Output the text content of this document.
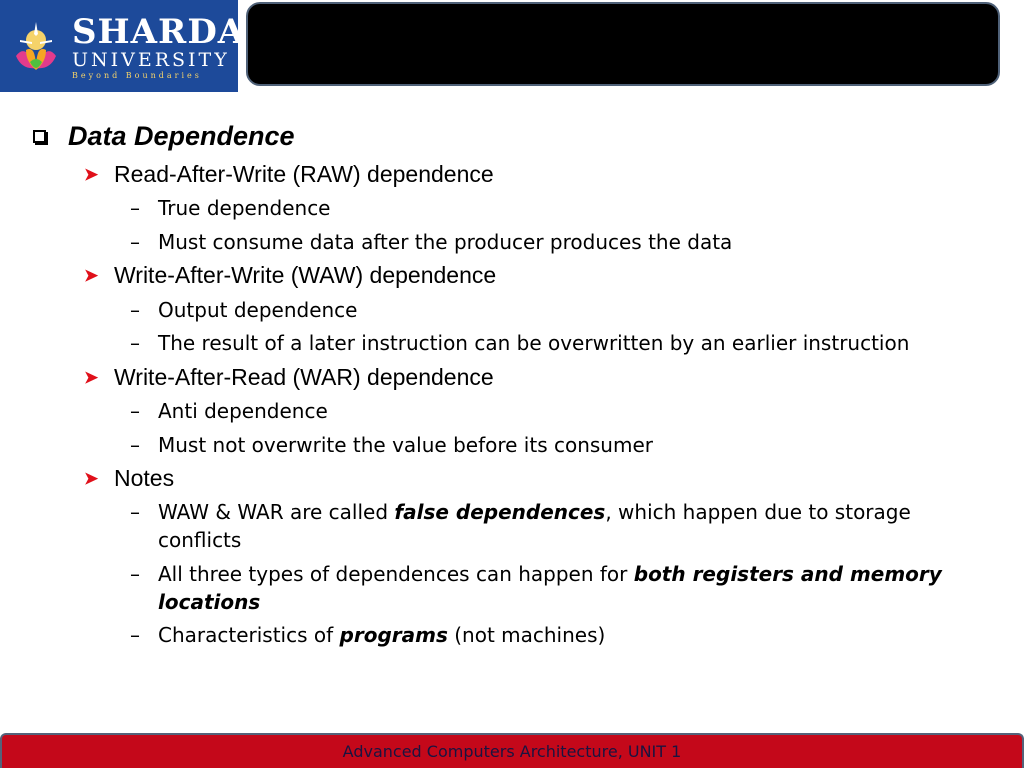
SHARDA
UNIVERSITY
Beyond Boundaries
Data Dependence
➤ Read-After-Write (RAW) dependence
– True dependence
– Must consume data after the producer produces the data
➤ Write-After-Write (WAW) dependence
– Output dependence
– The result of a later instruction can be overwritten by an earlier instruction
➤ Write-After-Read (WAR) dependence
– Anti dependence
– Must not overwrite the value before its consumer
➤ Notes
– WAW & WAR are called false dependences, which happen due to storage conflicts
– All three types of dependences can happen for both registers and memory locations
– Characteristics of programs (not machines)
Advanced Computers Architecture, UNIT 1
